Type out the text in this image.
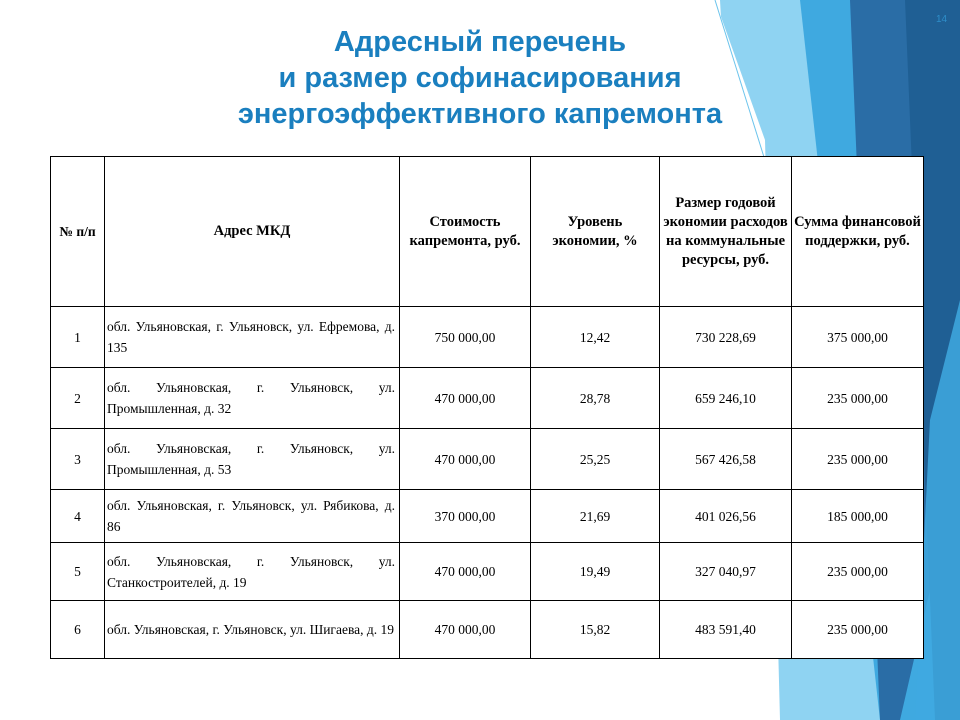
14
Адресный перечень
и размер софинасирования
энергоэффективного капремонта
№ п/п	Адрес МКД	Стоимость капремонта, руб.	Уровень экономии, %	Размер годовой экономии расходов на коммунальные ресурсы, руб.	Сумма финансовой поддержки, руб.
1	обл. Ульяновская, г. Ульяновск, ул. Ефремова, д. 135	750 000,00	12,42	730 228,69	375 000,00
2	обл. Ульяновская, г. Ульяновск, ул. Промышленная, д. 32	470 000,00	28,78	659 246,10	235 000,00
3	обл. Ульяновская, г. Ульяновск, ул. Промышленная, д. 53	470 000,00	25,25	567 426,58	235 000,00
4	обл. Ульяновская, г. Ульяновск, ул. Рябикова, д. 86	370 000,00	21,69	401 026,56	185 000,00
5	обл. Ульяновская, г. Ульяновск, ул. Станкостроителей, д. 19	470 000,00	19,49	327 040,97	235 000,00
6	обл. Ульяновская, г. Ульяновск, ул. Шигаева, д. 19	470 000,00	15,82	483 591,40	235 000,00
